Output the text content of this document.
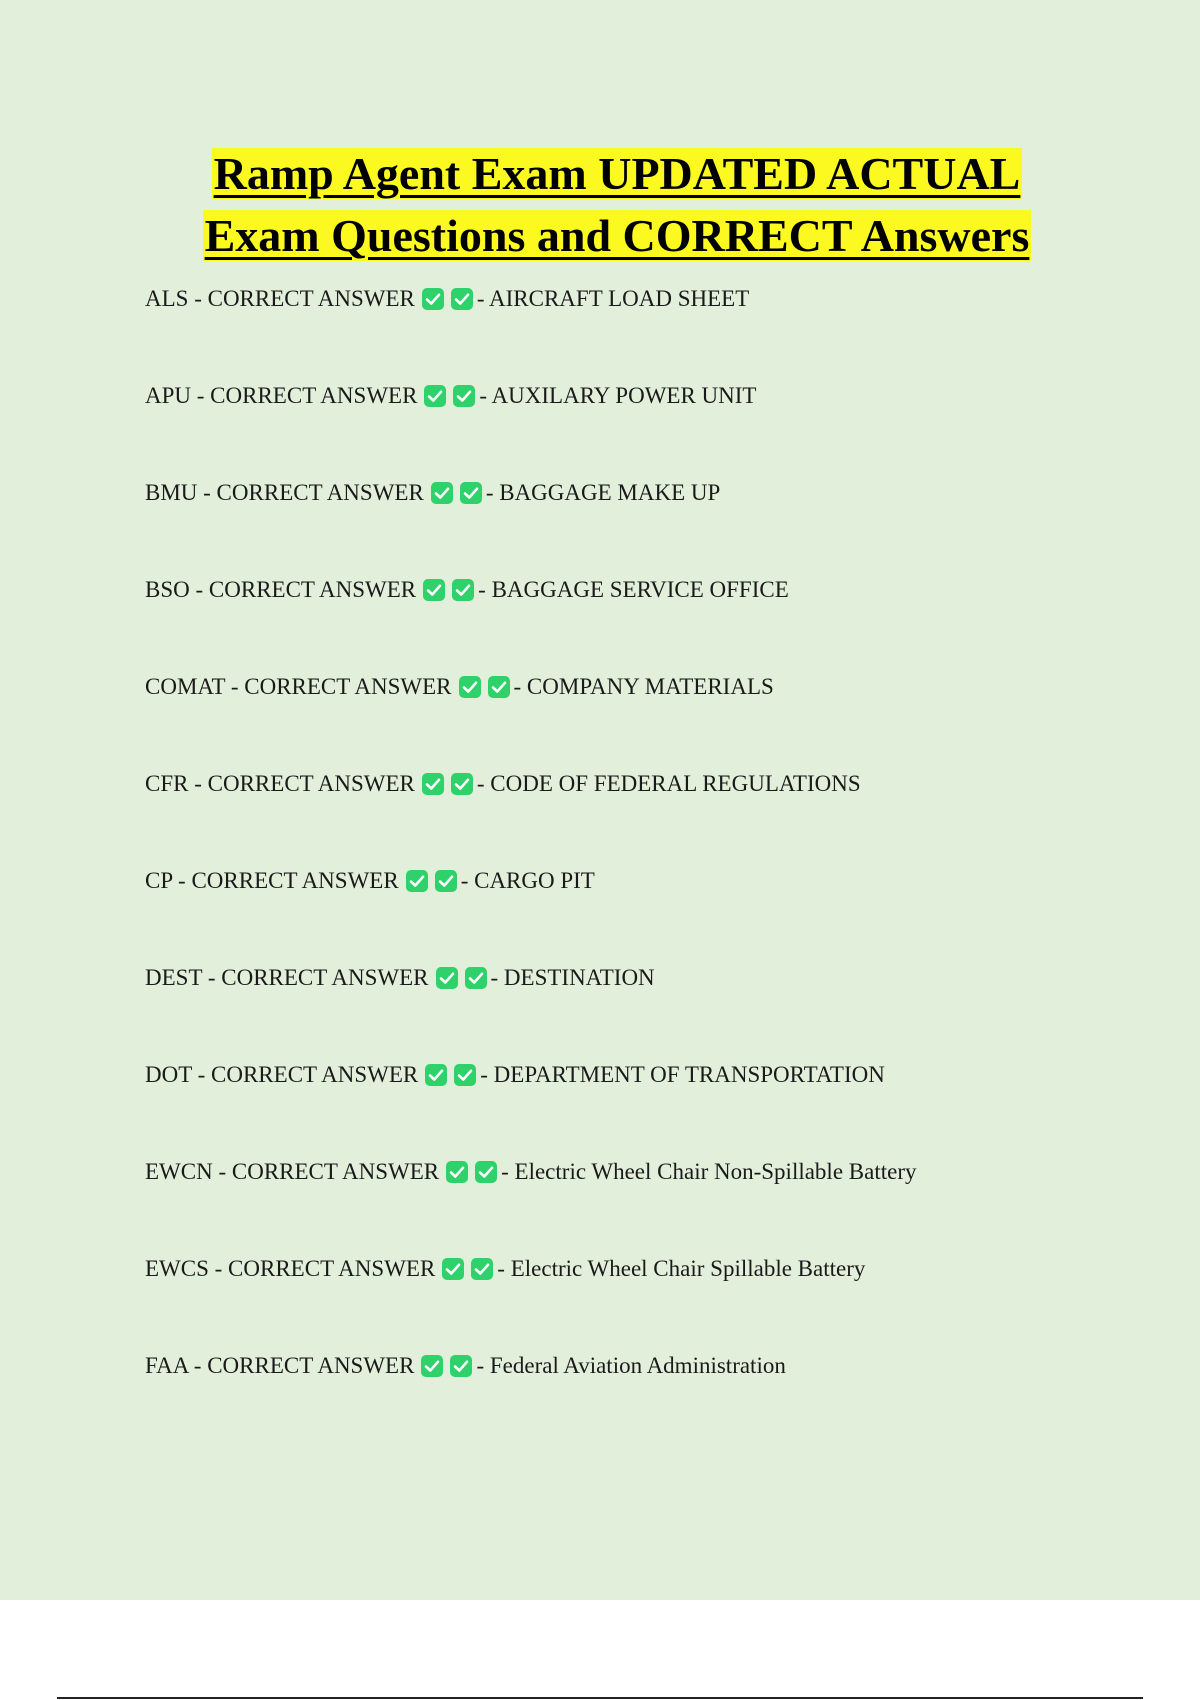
Ramp Agent Exam UPDATED ACTUAL
Exam Questions and CORRECT Answers
ALS - CORRECT ANSWER	- AIRCRAFT LOAD SHEET
APU - CORRECT ANSWER	- AUXILARY POWER UNIT
BMU - CORRECT ANSWER	- BAGGAGE MAKE UP
BSO - CORRECT ANSWER	- BAGGAGE SERVICE OFFICE
COMAT - CORRECT ANSWER	- COMPANY MATERIALS
CFR - CORRECT ANSWER	- CODE OF FEDERAL REGULATIONS
CP - CORRECT ANSWER	- CARGO PIT
DEST - CORRECT ANSWER	- DESTINATION
DOT - CORRECT ANSWER	- DEPARTMENT OF TRANSPORTATION
EWCN - CORRECT ANSWER	- Electric Wheel Chair Non-Spillable Battery
EWCS - CORRECT ANSWER	- Electric Wheel Chair Spillable Battery
FAA - CORRECT ANSWER	- Federal Aviation Administration
